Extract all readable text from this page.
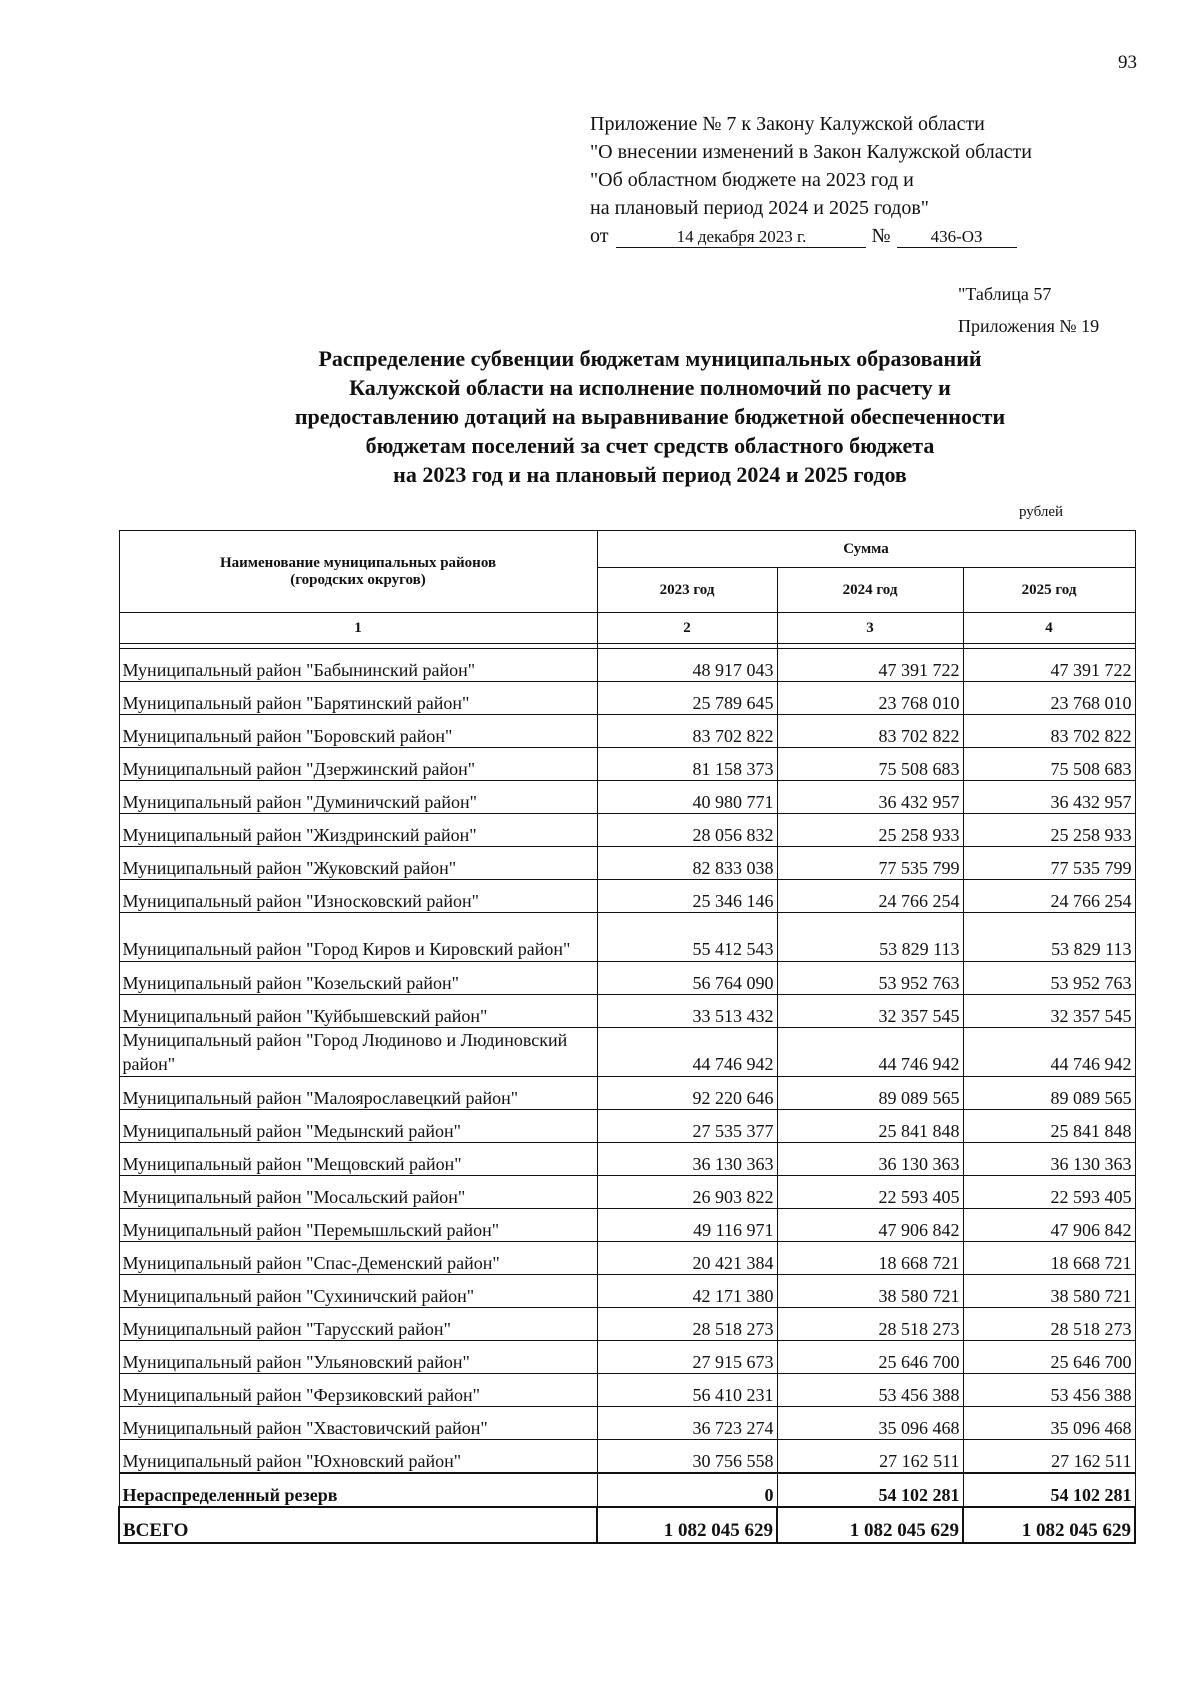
93
Приложение № 7 к Закону Калужской области
"О внесении изменений в Закон Калужской области
"Об областном бюджете на 2023 год и
на плановый период 2024 и 2025 годов"
от	14 декабря 2023 г.	№ 436-ОЗ
"Таблица 57
Приложения № 19
Распределение субвенции бюджетам муниципальных образований
Калужской области на исполнение полномочий по расчету и
предоставлению дотаций на выравнивание бюджетной обеспеченности
бюджетам поселений за счет средств областного бюджета
на 2023 год и на плановый период 2024 и 2025 годов
рублей
Наименование муниципальных районов
(городских округов)	Сумма		
	2023 год	2024 год	2025 год
1	2	3	4

Муниципальный район "Бабынинский район"	48 917 043	47 391 722	47 391 722
Муниципальный район "Барятинский район"	25 789 645	23 768 010	23 768 010
Муниципальный район "Боровский район"	83 702 822	83 702 822	83 702 822
Муниципальный район "Дзержинский район"	81 158 373	75 508 683	75 508 683
Муниципальный район "Думиничский район"	40 980 771	36 432 957	36 432 957
Муниципальный район "Жиздринский район"	28 056 832	25 258 933	25 258 933
Муниципальный район "Жуковский район"	82 833 038	77 535 799	77 535 799
Муниципальный район "Износковский район"	25 346 146	24 766 254	24 766 254
Муниципальный район "Город Киров и Кировский район"	55 412 543	53 829 113	53 829 113
Муниципальный район "Козельский район"	56 764 090	53 952 763	53 952 763
Муниципальный район "Куйбышевский район"	33 513 432	32 357 545	32 357 545
Муниципальный район "Город Людиново и Людиновский район"	44 746 942	44 746 942	44 746 942
Муниципальный район "Малоярославецкий район"	92 220 646	89 089 565	89 089 565
Муниципальный район "Медынский район"	27 535 377	25 841 848	25 841 848
Муниципальный район "Мещовский район"	36 130 363	36 130 363	36 130 363
Муниципальный район "Мосальский район"	26 903 822	22 593 405	22 593 405
Муниципальный район "Перемышльский район"	49 116 971	47 906 842	47 906 842
Муниципальный район "Спас-Деменский район"	20 421 384	18 668 721	18 668 721
Муниципальный район "Сухиничский район"	42 171 380	38 580 721	38 580 721
Муниципальный район "Тарусский район"	28 518 273	28 518 273	28 518 273
Муниципальный район "Ульяновский район"	27 915 673	25 646 700	25 646 700
Муниципальный район "Ферзиковский район"	56 410 231	53 456 388	53 456 388
Муниципальный район "Хвастовичский район"	36 723 274	35 096 468	35 096 468
Муниципальный район "Юхновский район"	30 756 558	27 162 511	27 162 511
Нераспределенный резерв	0	54 102 281	54 102 281
ВСЕГО	1 082 045 629	1 082 045 629	1 082 045 629
